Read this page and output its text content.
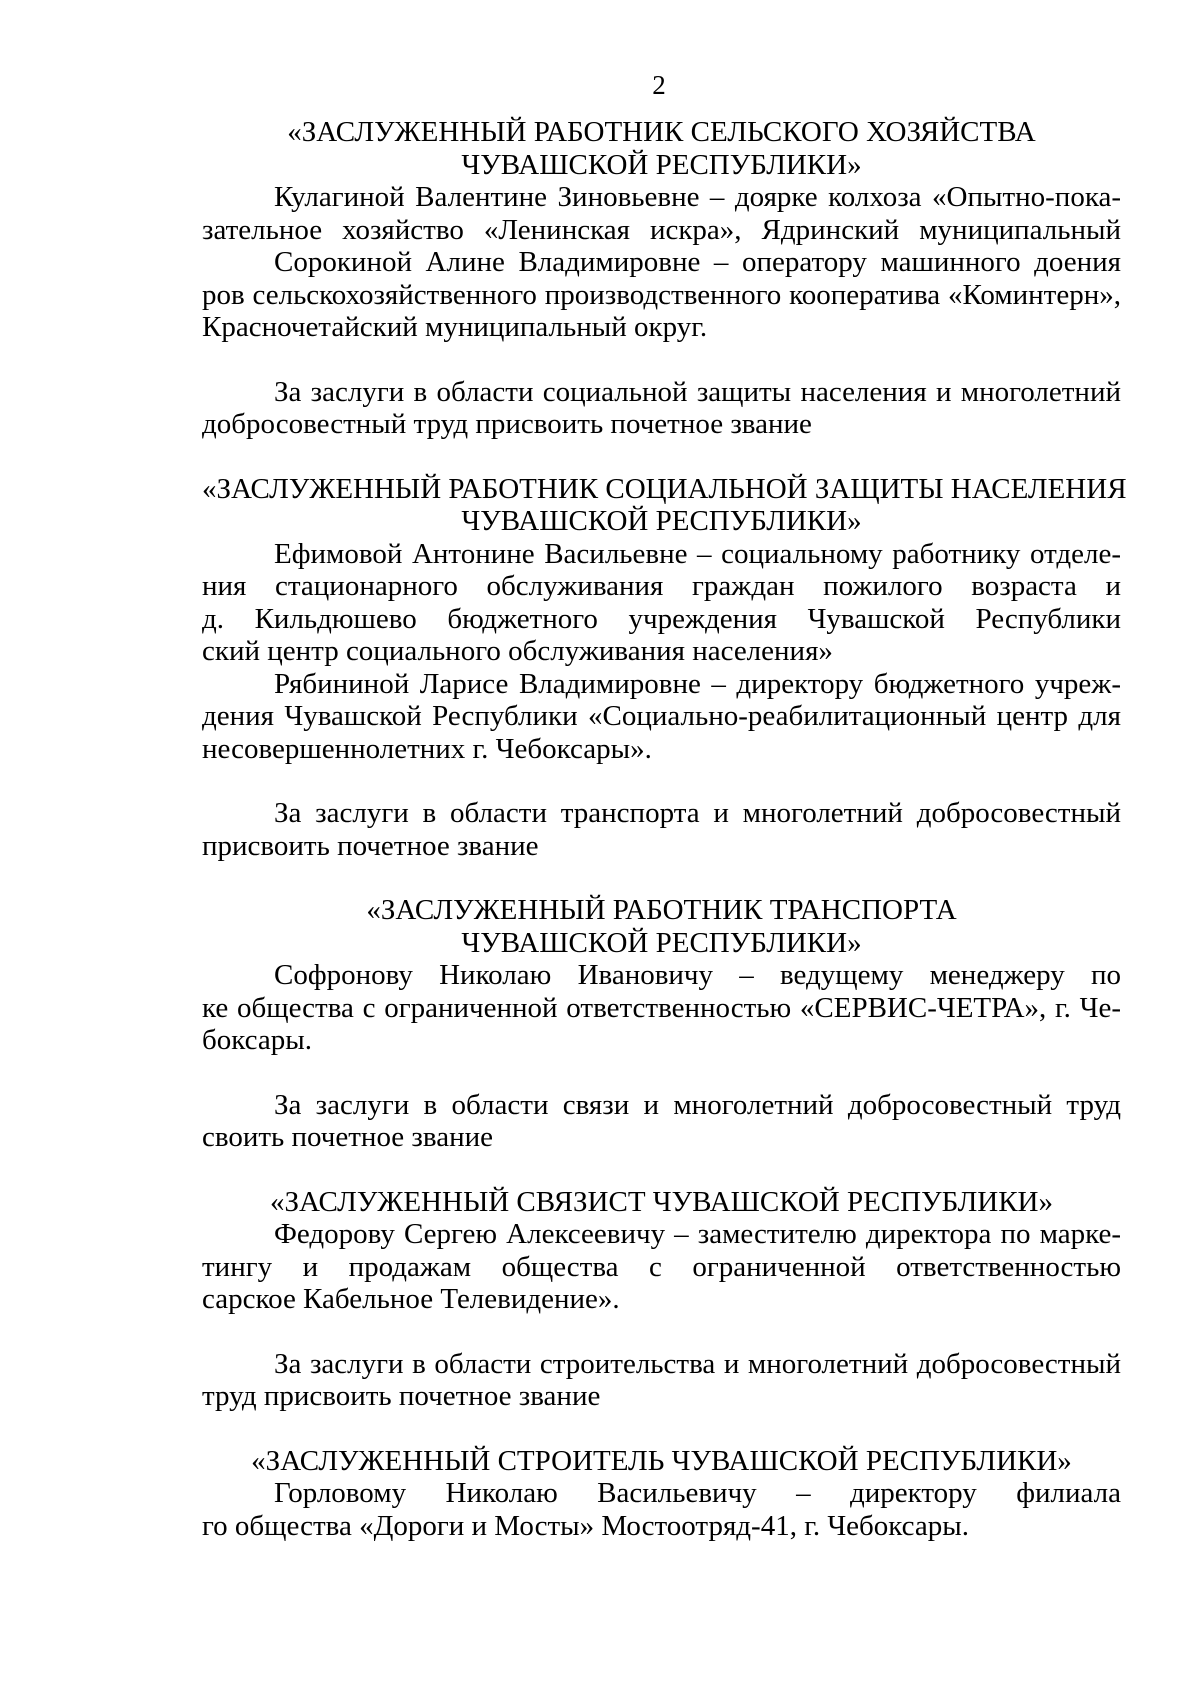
2
«ЗАСЛУЖЕННЫЙ РАБОТНИК СЕЛЬСКОГО ХОЗЯЙСТВА
ЧУВАШСКОЙ РЕСПУБЛИКИ»
Кулагиной Валентине Зиновьевне – доярке колхоза «Опытно-пока-
зательное хозяйство «Ленинская искра», Ядринский муниципальный
Сорокиной Алине Владимировне – оператору машинного доения
ров сельскохозяйственного производственного кооператива «Коминтерн»,
Красночетайский муниципальный округ.
За заслуги в области социальной защиты населения и многолетний
добросовестный труд присвоить почетное звание
«ЗАСЛУЖЕННЫЙ РАБОТНИК СОЦИАЛЬНОЙ ЗАЩИТЫ НАСЕЛЕНИЯ
ЧУВАШСКОЙ РЕСПУБЛИКИ»
Ефимовой Антонине Васильевне – социальному работнику отделе-
ния стационарного обслуживания граждан пожилого возраста и
д. Кильдюшево бюджетного учреждения Чувашской Республики
ский центр социального обслуживания населения»
Рябининой Ларисе Владимировне – директору бюджетного учреж-
дения Чувашской Республики «Социально-реабилитационный центр для
несовершеннолетних г. Чебоксары».
За заслуги в области транспорта и многолетний добросовестный
присвоить почетное звание
«ЗАСЛУЖЕННЫЙ РАБОТНИК ТРАНСПОРТА
ЧУВАШСКОЙ РЕСПУБЛИКИ»
Софронову Николаю Ивановичу – ведущему менеджеру по
ке общества с ограниченной ответственностью «СЕРВИС-ЧЕТРА», г. Че-
боксары.
За заслуги в области связи и многолетний добросовестный труд
своить почетное звание
«ЗАСЛУЖЕННЫЙ СВЯЗИСТ ЧУВАШСКОЙ РЕСПУБЛИКИ»
Федорову Сергею Алексеевичу – заместителю директора по марке-
тингу и продажам общества с ограниченной ответственностью
сарское Кабельное Телевидение».
За заслуги в области строительства и многолетний добросовестный
труд присвоить почетное звание
«ЗАСЛУЖЕННЫЙ СТРОИТЕЛЬ ЧУВАШСКОЙ РЕСПУБЛИКИ»
Горловому Николаю Васильевичу – директору филиала
го общества «Дороги и Мосты» Мостоотряд-41, г. Чебоксары.
